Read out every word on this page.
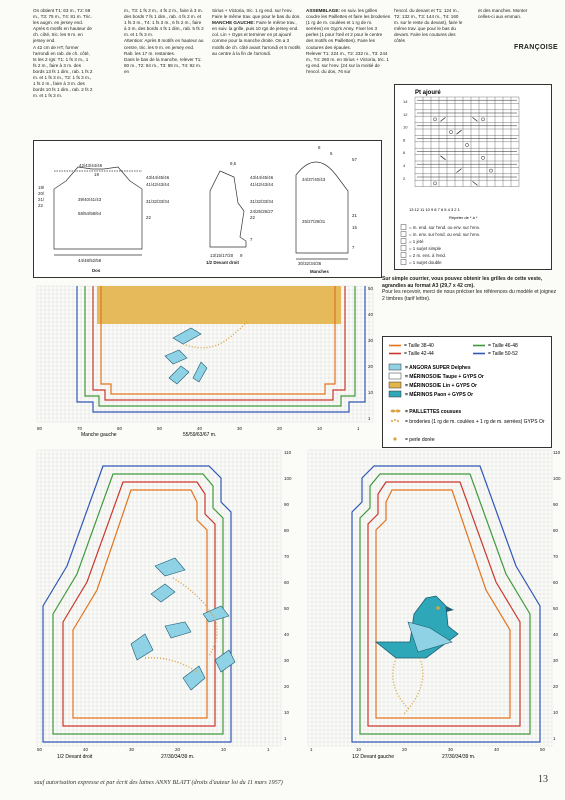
On obtient T1: 63 m., T2: 69 m., T3: 75 m., T4: 81 m. Tric. les augm. en jersey end.

Après 6 motifs en hauteur de ch. côté, tric. les 9 m. en jersey end.

A 42 cm de HT, former l'arrondi en rab. de ch. côté, ts les 2 rgs: T1: 1 fs 3 m., 1 fs 2 m., faire à 3 m. des bords 13 fs 1 dim., rab. 1 fs 2 m. et 1 fs 3 m., T2: 1 fs 3 m., 1 fs 2 m., faire à 3 m. des bords 10 fs 1 dim., rab. 2 fs 2 m. et 1 fs 3 m.

m., T3: 1 fs 3 m., 4 fs 2 m., faire à 3 m. des bords 7 fs 1 dim., rab. 4 fs 2 m. et 1 fs 3 m., T4: 1 fs 3 m., 6 fs 2 m., faire à 3 m. des bords 4 fs 1 dim., rab. 5 fs 2 m. et 1 fs 3 m.

Attention: Après 8 motifs en hauteur au centre, tric. les 9 m. en jersey end.

Rab. les 17 m. restantes.

Dans le bas de la manche, relever T1: 80 m., T2: 84 m., T3: 88 m., T4: 92 m. en

Sirius + Victoria, tric. 1 rg end. sur l'env. Faire le même trav. que pour le bas du dos.

MANCHE GAUCHE: Faire le même trav., en suiv. la grille, puis 10 rgs de jersey end. col. Lin + Gyps et terminer en pt ajouré comme pour la manche droite. On a 3 motifs de ch. côté avant l'arrondi et 5 motifs au centre à la fin de l'arrondi.

ASSEMBLAGE: en suiv. les grilles coudre les Paillettes et faire les broderies (1 rg de m. coulées et 1 rg de m. serrées) en Gyp's Anny. Fixer les 3 perles (1 pour l'œil et 2 pour le centre des motifs en Paillettes). Faire les coutures des épaules.

Relever T1: 224 m., T2: 232 m., T3: 244 m., T4: 260 m. en Sirius + Victoria, tric. 1 rg end. sur l'env. (24 sur la moitié de l'encol. du dos, 76 sur

l'encol. du devant et T1: 124 m., T2: 132 m., T3: 144 m., T4: 160 m. sur le reste du devant), faire le même trav. que pour le bas du devant. Faire les coutures des côtés

et des manches. Monter celles-ci aux emman.

FRANÇOISE
42/43/44/46
19
19/
20/
21/
22
39/40/41/43
58/54/58/64
43/44/45/46
41/42/43/44
31/32/33/34
22
44/48/52/58
Dos
9,5
43/44/45/46
41/42/43/44
31/32/33/34
24/25/26/27
22
7
13/15/17/20 9
1/2 Devant droit
8
5
57
34/37/40/43
21
15
25/27/29/31
7
30/32/34/36
Manches
Pt ajouré
14
12
10
8
6
4
2
13 12 11 10 9 8 7 6 5 4 3 2 1
Répéter de * à *
= m. end. sur l'end. ou env. sur l'env.
= m. env. sur l'end. ou end. sur l'env.
= 1 jeté
= 1 surjet simple
= 2 m. ens. à l'end.
= 1 surjet double

Sur simple courrier, vous pouvez obtenir les grilles de cette veste, agrandies au format A3 (29,7 x 42 cm).

Pour les recevoir, merci de nous préciser les références du modèle et joignez 2 timbres (tarif lettre).

= Taille 38-40	= Taille 46-48
= Taille 42-44	= Taille 50-52
= ANGORA SUPER Delphes
= MÉRINOSOIE Taupe + GYPS Or
= MÉRINOSOIE Lin + GYPS Or
= MÉRINOS Paon + GYPS Or
= PAILLETTES cousues
= broderies (1 rg de m. coulées + 1 rg de m. serrées) GYPS Or
= perle dorée
80	70	60	50	40	30	20	10	1
50
40
30
20
10
1
Manche gauche	55/59/63/67 m.
50	40	30	20	10	1
110
100
90
80
70
60
50
40
30
20
10
1
1/2 Devant droit	27/30/34/39 m.
1	10	20	30	40	50
110
100
90
80
70
60
50
40
30
20
10
1
1/2 Devant gauche	27/30/34/39 m.
sauf autorisation expresse et par écrit des laines ANNY BLATT (droits d'auteur loi du 11 mars 1957)	13
